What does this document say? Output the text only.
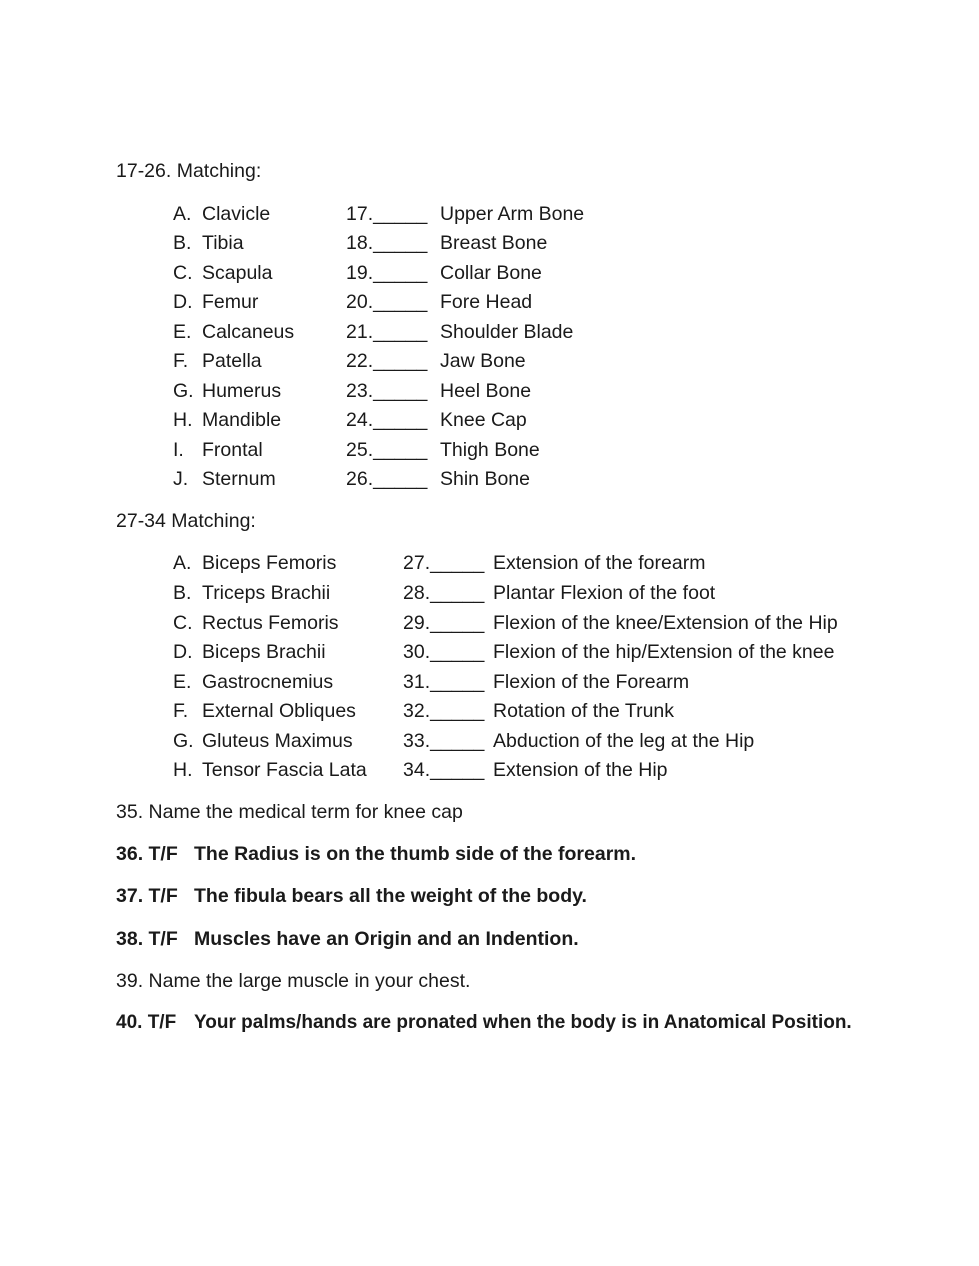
17-26. Matching:
A. Clavicle
B. Tibia
C. Scapula
D. Femur
E. Calcaneus
F. Patella
G. Humerus
H. Mandible
I. Frontal
J. Sternum
17._____ Upper Arm Bone
18._____ Breast Bone
19._____ Collar Bone
20._____ Fore Head
21._____ Shoulder Blade
22._____ Jaw Bone
23._____ Heel Bone
24._____ Knee Cap
25._____ Thigh Bone
26._____ Shin Bone
27-34 Matching:
A. Biceps Femoris
B. Triceps Brachii
C. Rectus Femoris
D. Biceps Brachii
E. Gastrocnemius
F. External Obliques
G. Gluteus Maximus
H. Tensor Fascia Lata
27._____ Extension of the forearm
28._____ Plantar Flexion of the foot
29._____ Flexion of the knee/Extension of the Hip
30._____ Flexion of the hip/Extension of the knee
31._____ Flexion of the Forearm
32._____ Rotation of the Trunk
33._____ Abduction of the leg at the Hip
34._____ Extension of the Hip
35. Name the medical term for knee cap
36. T/F The Radius is on the thumb side of the forearm.
37. T/F The fibula bears all the weight of the body.
38. T/F Muscles have an Origin and an Indention.
39. Name the large muscle in your chest.
40. T/F Your palms/hands are pronated when the body is in Anatomical Position.
